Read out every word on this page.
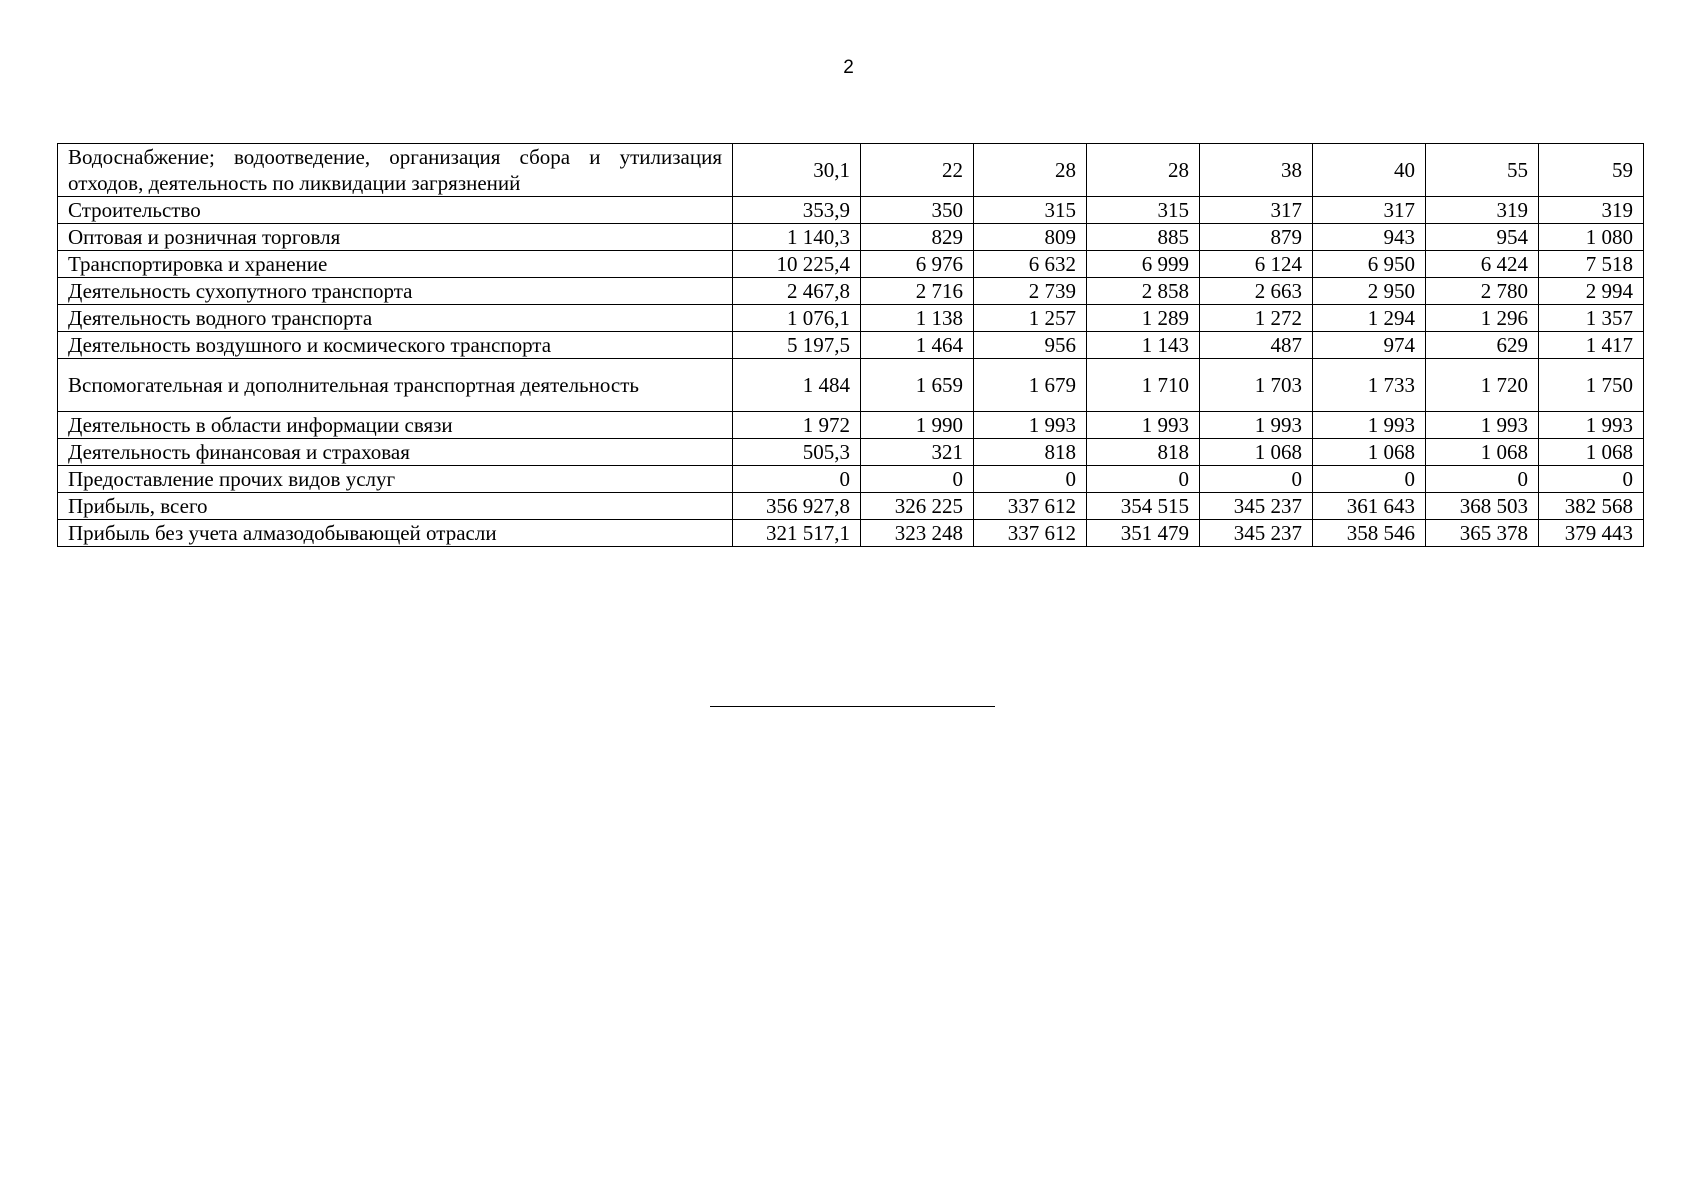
2
Водоснабжение; водоотведение, организация сбора и утилизация отходов, деятельность по ликвидации загрязнений	30,1	22	28	28	38	40	55	59
Строительство	353,9	350	315	315	317	317	319	319
Оптовая и розничная торговля	1 140,3	829	809	885	879	943	954	1 080
Транспортировка и хранение	10 225,4	6 976	6 632	6 999	6 124	6 950	6 424	7 518
Деятельность сухопутного транспорта	2 467,8	2 716	2 739	2 858	2 663	2 950	2 780	2 994
Деятельность водного транспорта	1 076,1	1 138	1 257	1 289	1 272	1 294	1 296	1 357
Деятельность воздушного и космического транспорта	5 197,5	1 464	956	1 143	487	974	629	1 417
Вспомогательная и дополнительная транспортная деятельность	1 484	1 659	1 679	1 710	1 703	1 733	1 720	1 750
Деятельность в области информации связи	1 972	1 990	1 993	1 993	1 993	1 993	1 993	1 993
Деятельность финансовая и страховая	505,3	321	818	818	1 068	1 068	1 068	1 068
Предоставление прочих видов услуг	0	0	0	0	0	0	0	0
Прибыль, всего	356 927,8	326 225	337 612	354 515	345 237	361 643	368 503	382 568
Прибыль без учета алмазодобывающей отрасли	321 517,1	323 248	337 612	351 479	345 237	358 546	365 378	379 443
